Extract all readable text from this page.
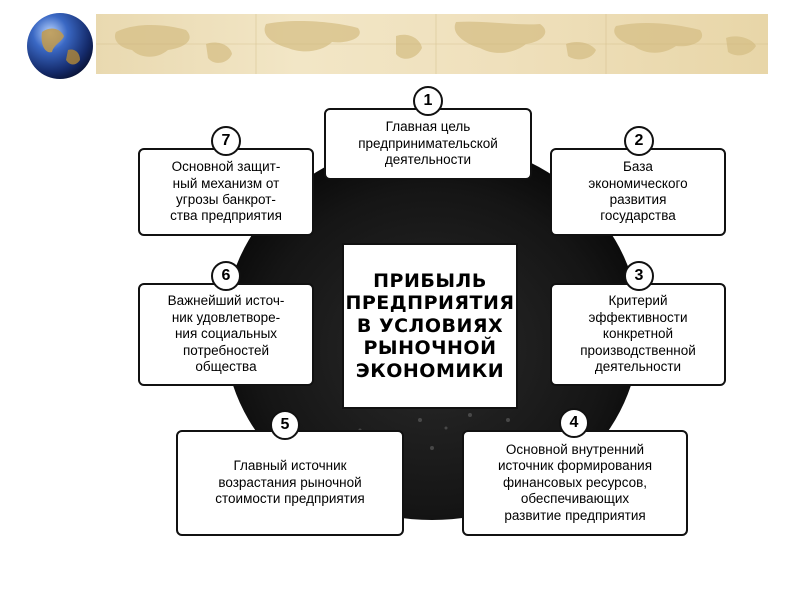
ПРИБЫЛЬ
ПРЕДПРИЯТИЯ
В УСЛОВИЯХ
РЫНОЧНОЙ
ЭКОНОМИКИ
Главная цель
предпринимательской
деятельности
1
База
экономического
развития
государства
2
Критерий
эффективности
конкретной
производственной
деятельности
3
Основной внутренний
источник формирования
финансовых ресурсов,
обеспечивающих
развитие предприятия
4
Главный источник
возрастания рыночной
стоимости предприятия
5
Важнейший источ-
ник удовлетворе-
ния социальных
потребностей
общества
6
Основной защит-
ный механизм от
угрозы банкрот-
ства предприятия
7
